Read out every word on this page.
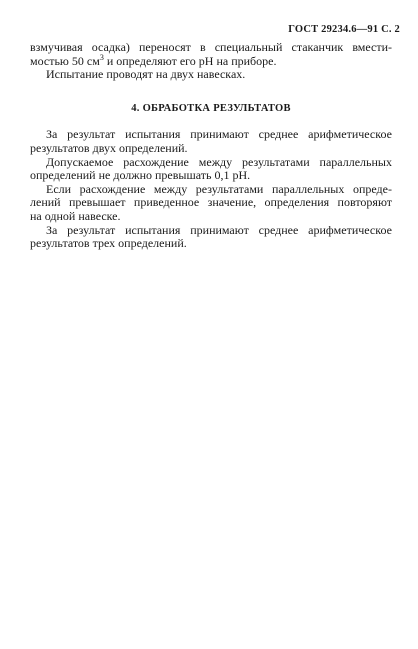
ГОСТ 29234.6—91 С. 2
взмучивая осадка) переносят в специальный стаканчик вмести-
мостью 50 $см^3$ и определяют его рН на приборе.
Испытание проводят на двух навесках.
4. ОБРАБОТКА РЕЗУЛЬТАТОВ
За результат испытания принимают среднее арифметическое
результатов двух определений.
Допускаемое расхождение между результатами параллельных
определений не должно превышать 0,1 рН.
Если расхождение между результатами параллельных опреде-
лений превышает приведенное значение, определения повторяют
на одной навеске.
За результат испытания принимают среднее арифметическое
результатов трех определений.
